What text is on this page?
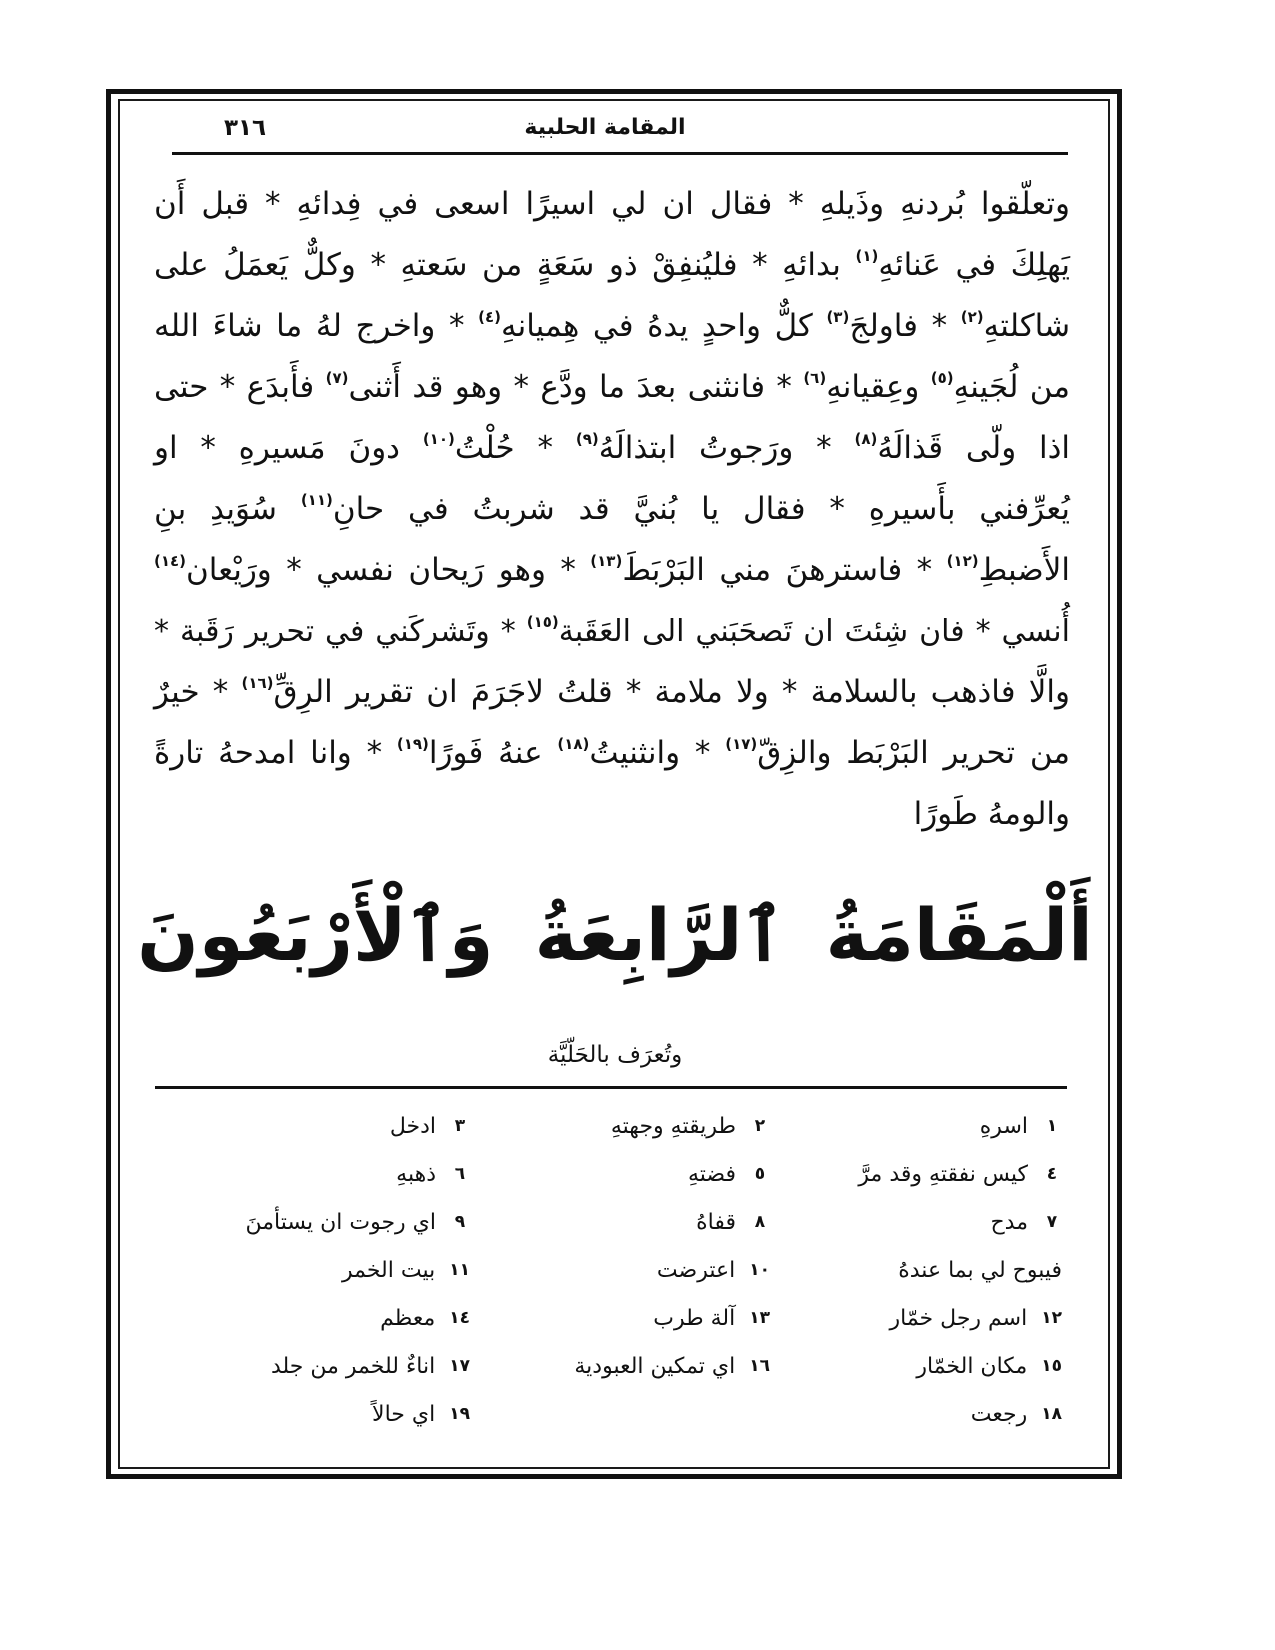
٣١٦	المقامة الحلبية
وتعلّقوا بُردنهِ وذَيلهِ * فقال ان لي اسيرًا اسعى في فِدائهِ * قبل أَن
يَهلِكَ في عَنائهِ$^{(١)}$ بدائهِ * فليُنفِقْ ذو سَعَةٍ من سَعتهِ * وكلٌّ يَعمَلُ على
شاكلتهِ$^{(٢)}$ * فاولجَ$^{(٣)}$ كلٌّ واحدٍ يدهُ في هِميانهِ$^{(٤)}$ * واخرج لهُ ما شاءَ الله
من لُجَينهِ$^{(٥)}$ وعِقيانهِ$^{(٦)}$ * فانثنى بعدَ ما ودَّع * وهو قد أَثنى$^{(٧)}$ فأَبدَع * حتى
اذا ولّى قَذالَهُ$^{(٨)}$ * ورَجوتُ ابتذالَهُ$^{(٩)}$ * حُلْتُ$^{(١٠)}$ دونَ مَسيرهِ * او
يُعرِّفني بأَسيرهِ * فقال يا بُنيَّ قد شربتُ في حانِ$^{(١١)}$ سُوَيدِ بنِ
الأَضبطِ$^{(١٢)}$ * فاسترهنَ مني البَرْبَطَ$^{(١٣)}$ * وهو رَيحان نفسي * ورَيْعان$^{(١٤)}$
أُنسي * فان شِئتَ ان تَصحَبَني الى العَقَبة$^{(١٥)}$ * وتَشركَني في تحرير رَقَبة *
والَّا فاذهب بالسلامة * ولا ملامة * قلتُ لاجَرَمَ ان تقرير الرِقِّ$^{(١٦)}$ * خيرٌ
من تحرير البَرْبَط والزِقّ$^{(١٧)}$ * وانثنيتُ$^{(١٨)}$ عنهُ فَورًا$^{(١٩)}$ * وانا امدحهُ تارةً
والومهُ طَورًا
أَلْمَقَامَةُ ٱلرَّابِعَةُ وَٱلْأَرْبَعُونَ
وتُعرَف بالحَلّيَّة
١
اسرهِ
٢
طريقتهِ وجهتهِ
٣
ادخل
٤
كيس نفقتهِ وقد مرَّ
٥
فضتهِ
٦
ذهبهِ
٧
مدح
٨
قفاهُ
٩
اي رجوت ان يستأمنَ
فيبوح لي بما عندهُ
١٠
اعترضت
١١
بيت الخمر
١٢
اسم رجل خمّار
١٣
آلة طرب
١٤
معظم
١٥
مكان الخمّار
١٦
اي تمكين العبودية
١٧
اناءٌ للخمر من جلد
١٨
رجعت
١٩
اي حالاً
